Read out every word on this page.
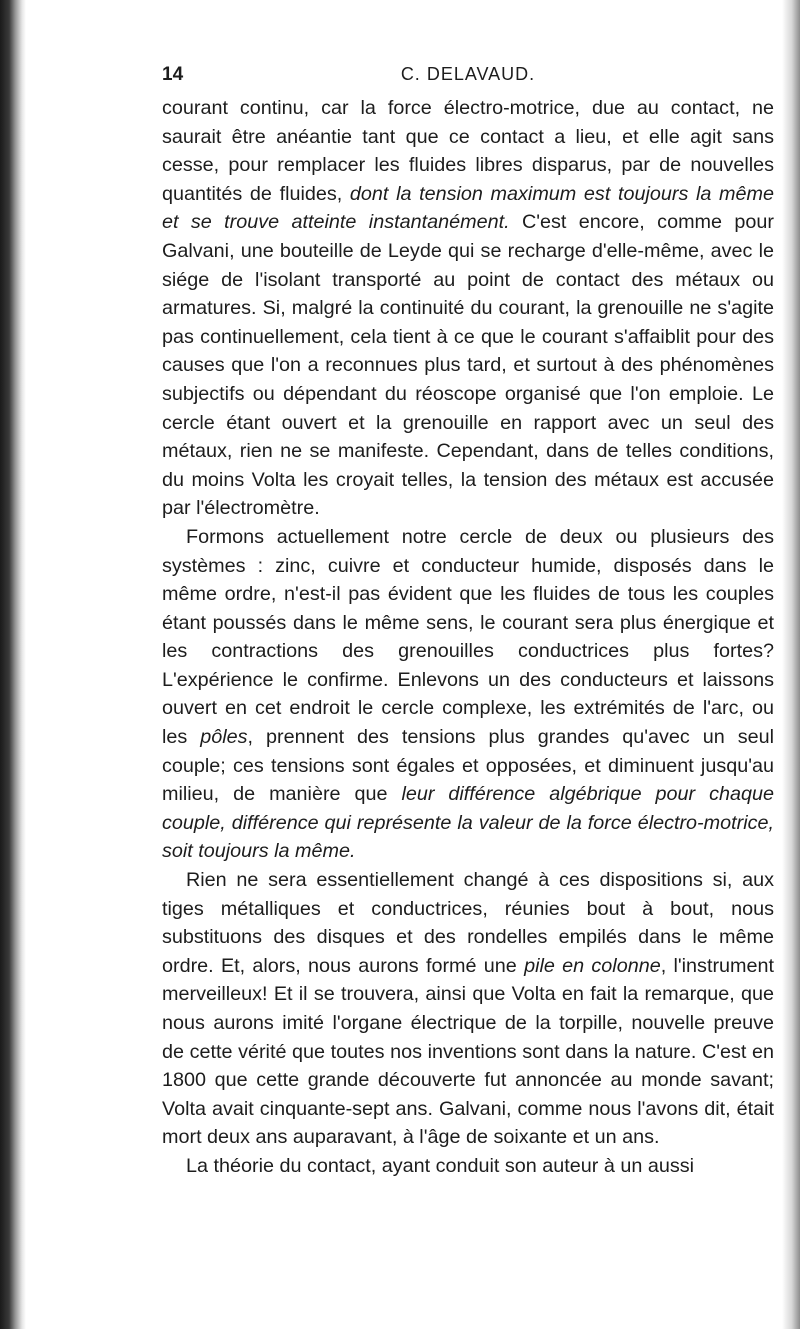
14	C. DELAVAUD.

courant continu, car la force électro-motrice, due au contact, ne saurait être anéantie tant que ce contact a lieu, et elle agit sans cesse, pour remplacer les fluides libres disparus, par de nouvelles quantités de fluides, dont la tension maximum est toujours la même et se trouve atteinte instantanément. C'est encore, comme pour Galvani, une bouteille de Leyde qui se recharge d'elle-même, avec le siége de l'isolant transporté au point de contact des métaux ou armatures. Si, malgré la continuité du courant, la grenouille ne s'agite pas continuellement, cela tient à ce que le courant s'affaiblit pour des causes que l'on a reconnues plus tard, et surtout à des phénomènes subjectifs ou dépendant du réoscope organisé que l'on emploie. Le cercle étant ouvert et la grenouille en rapport avec un seul des métaux, rien ne se manifeste. Cependant, dans de telles conditions, du moins Volta les croyait telles, la tension des métaux est accusée par l'électromètre.

Formons actuellement notre cercle de deux ou plusieurs des systèmes : zinc, cuivre et conducteur humide, disposés dans le même ordre, n'est-il pas évident que les fluides de tous les couples étant poussés dans le même sens, le courant sera plus énergique et les contractions des grenouilles conductrices plus fortes? L'expérience le confirme. Enlevons un des conducteurs et laissons ouvert en cet endroit le cercle complexe, les extrémités de l'arc, ou les pôles, prennent des tensions plus grandes qu'avec un seul couple; ces tensions sont égales et opposées, et diminuent jusqu'au milieu, de manière que leur différence algébrique pour chaque couple, différence qui représente la valeur de la force électro-motrice, soit toujours la même.

Rien ne sera essentiellement changé à ces dispositions si, aux tiges métalliques et conductrices, réunies bout à bout, nous substituons des disques et des rondelles empilés dans le même ordre. Et, alors, nous aurons formé une pile en colonne, l'instrument merveilleux! Et il se trouvera, ainsi que Volta en fait la remarque, que nous aurons imité l'organe électrique de la torpille, nouvelle preuve de cette vérité que toutes nos inventions sont dans la nature. C'est en 1800 que cette grande découverte fut annoncée au monde savant; Volta avait cinquante-sept ans. Galvani, comme nous l'avons dit, était mort deux ans auparavant, à l'âge de soixante et un ans.

La théorie du contact, ayant conduit son auteur à un aussi
